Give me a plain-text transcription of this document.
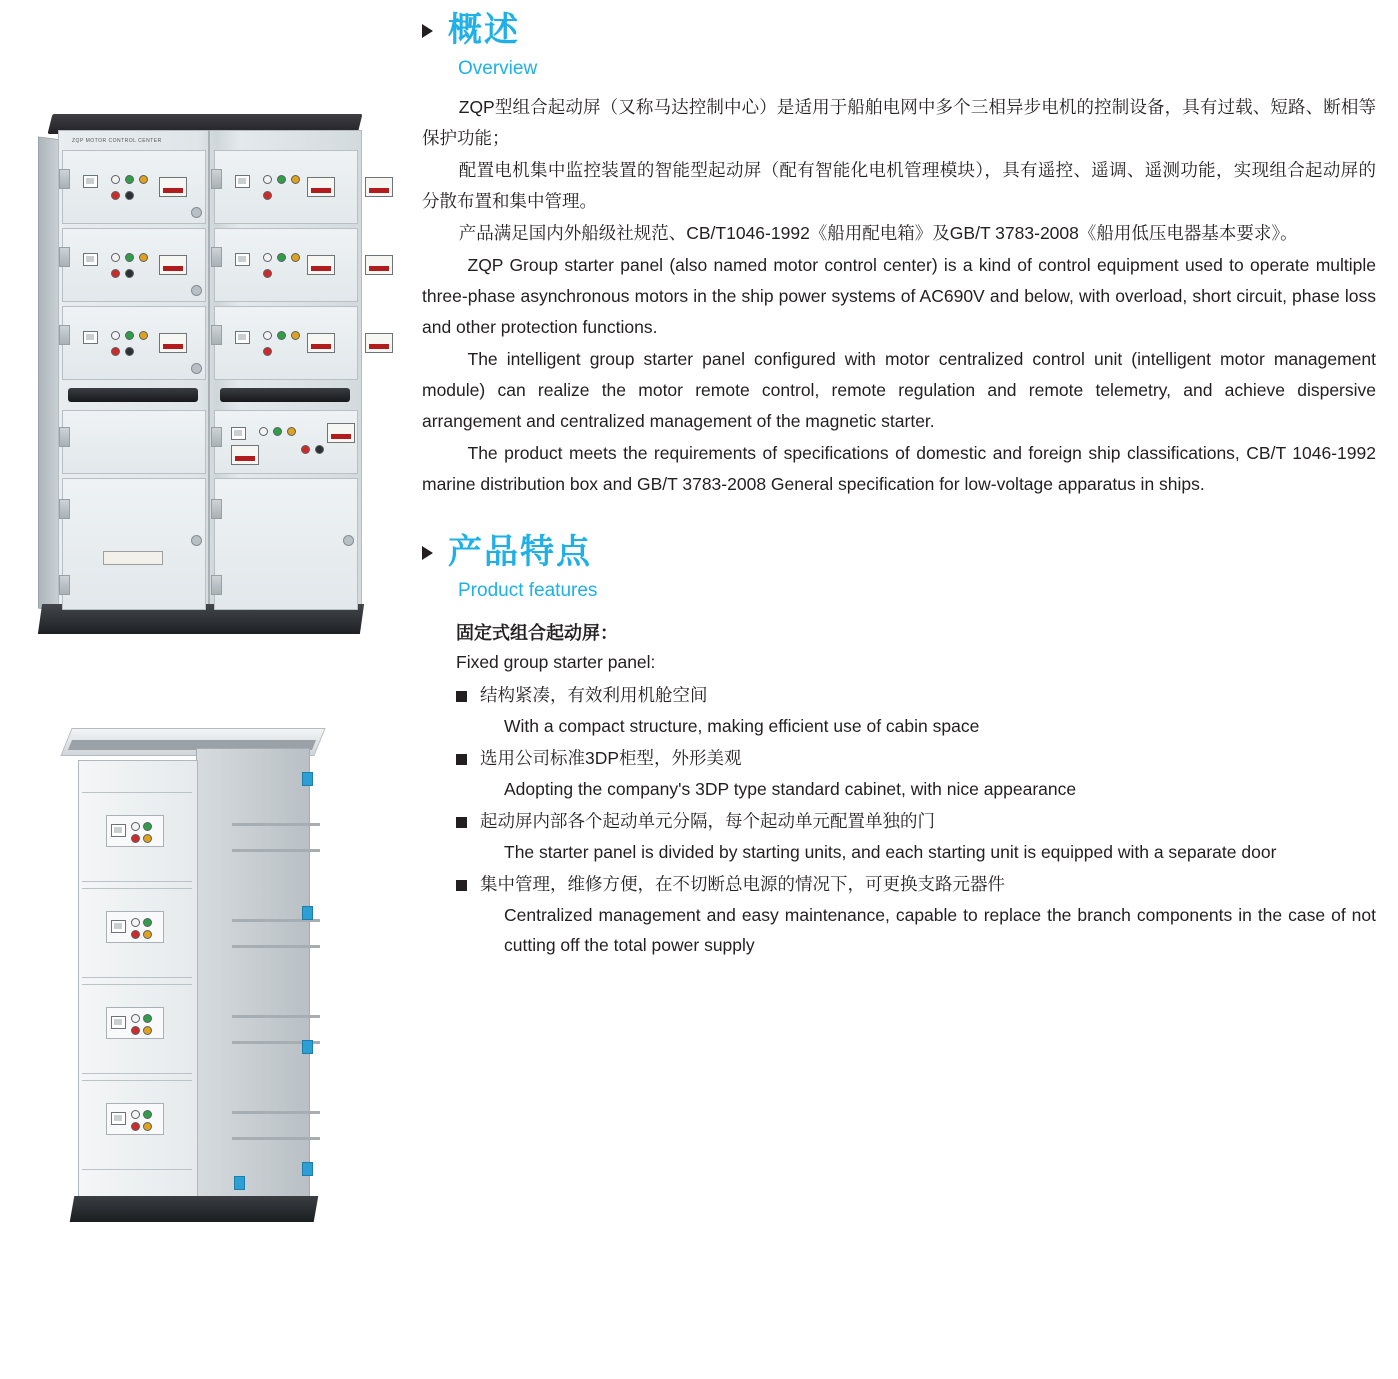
ZQP MOTOR CONTROL CENTER
概述
Overview

ZQP型组合起动屏（又称马达控制中心）是适用于船舶电网中多个三相异步电机的控制设备，具有过载、短路、断相等保护功能；

配置电机集中监控装置的智能型起动屏（配有智能化电机管理模块），具有遥控、遥调、遥测功能，实现组合起动屏的分散布置和集中管理。

产品满足国内外船级社规范、CB/T1046-1992《船用配电箱》及GB/T 3783-2008《船用低压电器基本要求》。

ZQP Group starter panel (also named motor control center) is a kind of control equipment used to operate multiple three-phase asynchronous motors in the ship power systems of AC690V and below, with overload, short circuit, phase loss and other protection functions.

The intelligent group starter panel configured with motor centralized control unit (intelligent motor management module) can realize the motor remote control, remote regulation and remote telemetry, and achieve dispersive arrangement and centralized management of the magnetic starter.

The product meets the requirements of specifications of domestic and foreign ship classifications, CB/T 1046-1992 marine distribution box and GB/T 3783-2008 General specification for low-voltage apparatus in ships.

产品特点
Product features
固定式组合起动屏：
Fixed group starter panel:
结构紧凑，有效利用机舱空间
With a compact structure, making efficient use of cabin space
选用公司标准3DP柜型，外形美观
Adopting the company's 3DP type standard cabinet, with nice appearance
起动屏内部各个起动单元分隔，每个起动单元配置单独的门
The starter panel is divided by starting units, and each starting unit is equipped with a separate door
集中管理，维修方便，在不切断总电源的情况下，可更换支路元器件
Centralized management and easy maintenance, capable to replace the branch components in the case of not cutting off the total power supply
